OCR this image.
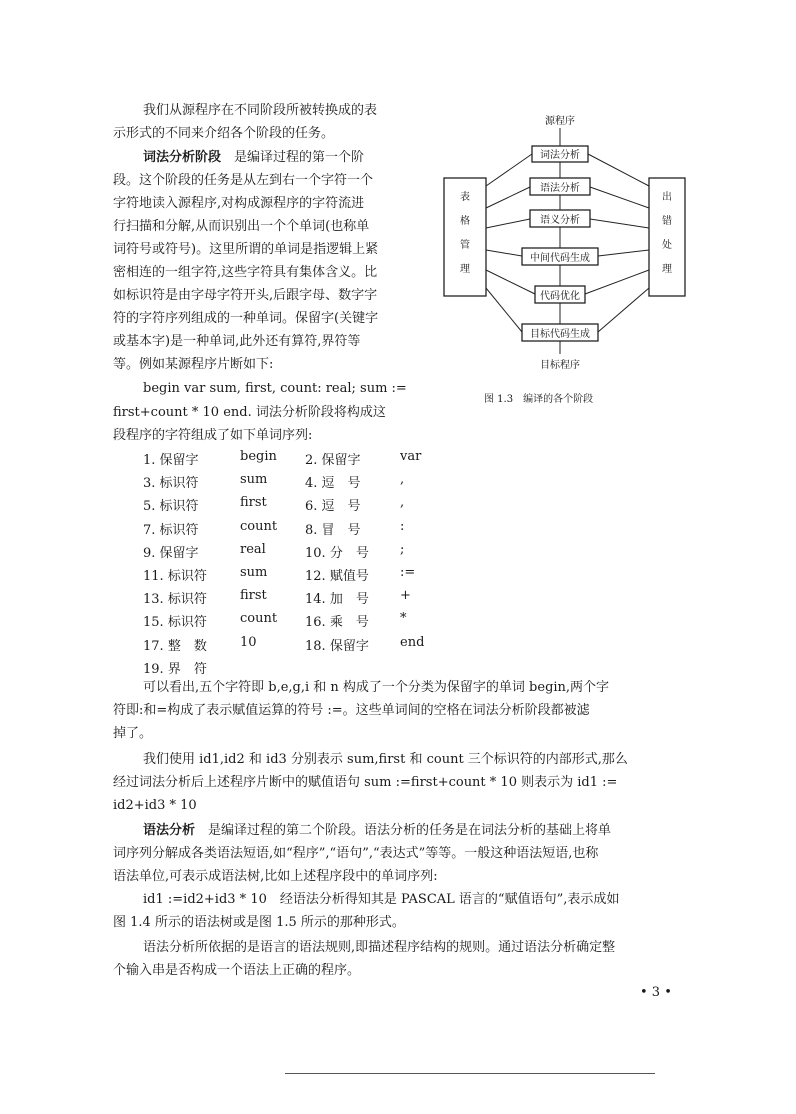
我们从源程序在不同阶段所被转换成的表

示形式的不同来介绍各个阶段的任务。

词法分析阶段　 是编译过程的第一个阶

段。这个阶段的任务是从左到右一个字符一个

字符地读入源程序,对构成源程序的字符流进

行扫描和分解,从而识别出一个个单词(也称单

词符号或符号)。这里所谓的单词是指逻辑上紧

密相连的一组字符,这些字符具有集体含义。比

如标识符是由字母字符开头,后跟字母、数字字

符的字符序列组成的一种单词。保留字(关键字

或基本字)是一种单词,此外还有算符,界符等

等。例如某源程序片断如下:

begin var sum, first, count: real; sum :=

first+count * 10 end. 词法分析阶段将构成这

段程序的字符组成了如下单词序列:

源程序
词法分析
语法分析
语义分析
中间代码生成
代码优化
目标代码生成
目标程序
表
格
管
理
出
错
处
理

图 1.3　编译的各个阶段

1. 保留字	begin 2. 保留字	var
3. 标识符	sum	4. 逗　号	,
5. 标识符	first	6. 逗　号	,
7. 标识符	count 8. 冒　号	:
9. 保留字	real	10. 分　号 ;
11. 标识符	sum	12. 赋值号 :=
13. 标识符	first	14. 加　号 +
15. 标识符	count 16. 乘　号 *
17. 整　数	10	18. 保留字 end
19. 界　符

可以看出,五个字符即 b,e,g,i 和 n 构成了一个分类为保留字的单词 begin,两个字

符即:和=构成了表示赋值运算的符号 :=。这些单词间的空格在词法分析阶段都被滤

掉了。

我们使用 id1,id2 和 id3 分别表示 sum,first 和 count 三个标识符的内部形式,那么

经过词法分析后上述程序片断中的赋值语句 sum :=first+count * 10 则表示为 id1 :=

id2+id3 * 10

语法分析　 是编译过程的第二个阶段。语法分析的任务是在词法分析的基础上将单

词序列分解成各类语法短语,如“程序”,“语句”,“表达式”等等。一般这种语法短语,也称

语法单位,可表示成语法树,比如上述程序段中的单词序列:

id1 :=id2+id3 * 10　经语法分析得知其是 PASCAL 语言的“赋值语句”,表示成如

图 1.4 所示的语法树或是图 1.5 所示的那种形式。

语法分析所依据的是语言的语法规则,即描述程序结构的规则。通过语法分析确定整

个输入串是否构成一个语法上正确的程序。

• 3 •
